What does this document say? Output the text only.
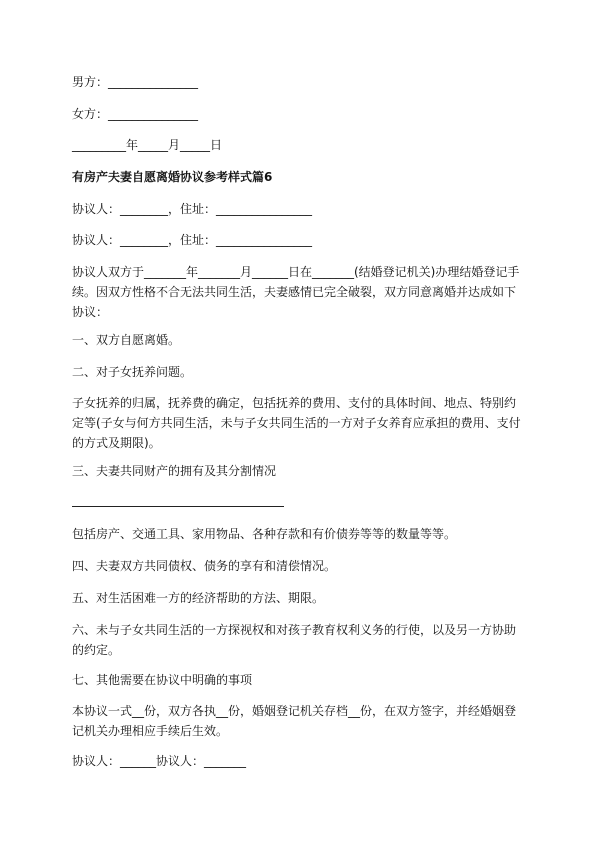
男方：_______________

女方：_______________

_________年_____月_____日

有房产夫妻自愿离婚协议参考样式篇6

协议人：________，住址：________________

协议人：________，住址：________________

协议人双方于_______年_______月______日在_______(结婚登记机关)办理结婚登记手
续。因双方性格不合无法共同生活，夫妻感情已完全破裂，双方同意离婚并达成如下
协议：

一、双方自愿离婚。

二、对子女抚养问题。

子女抚养的归属，抚养费的确定，包括抚养的费用、支付的具体时间、地点、特别约
定等(子女与何方共同生活，未与子女共同生活的一方对子女养育应承担的费用、支付
的方式及期限)。

三、夫妻共同财产的拥有及其分割情况

包括房产、交通工具、家用物品、各种存款和有价债券等等的数量等等。

四、夫妻双方共同债权、债务的享有和清偿情况。

五、对生活困难一方的经济帮助的方法、期限。

六、未与子女共同生活的一方探视权和对孩子教育权利义务的行使，以及另一方协助
的约定。

七、其他需要在协议中明确的事项

本协议一式__份，双方各执__份，婚姻登记机关存档__份，在双方签字，并经婚姻登
记机关办理相应手续后生效。

协议人：______协议人：_______
